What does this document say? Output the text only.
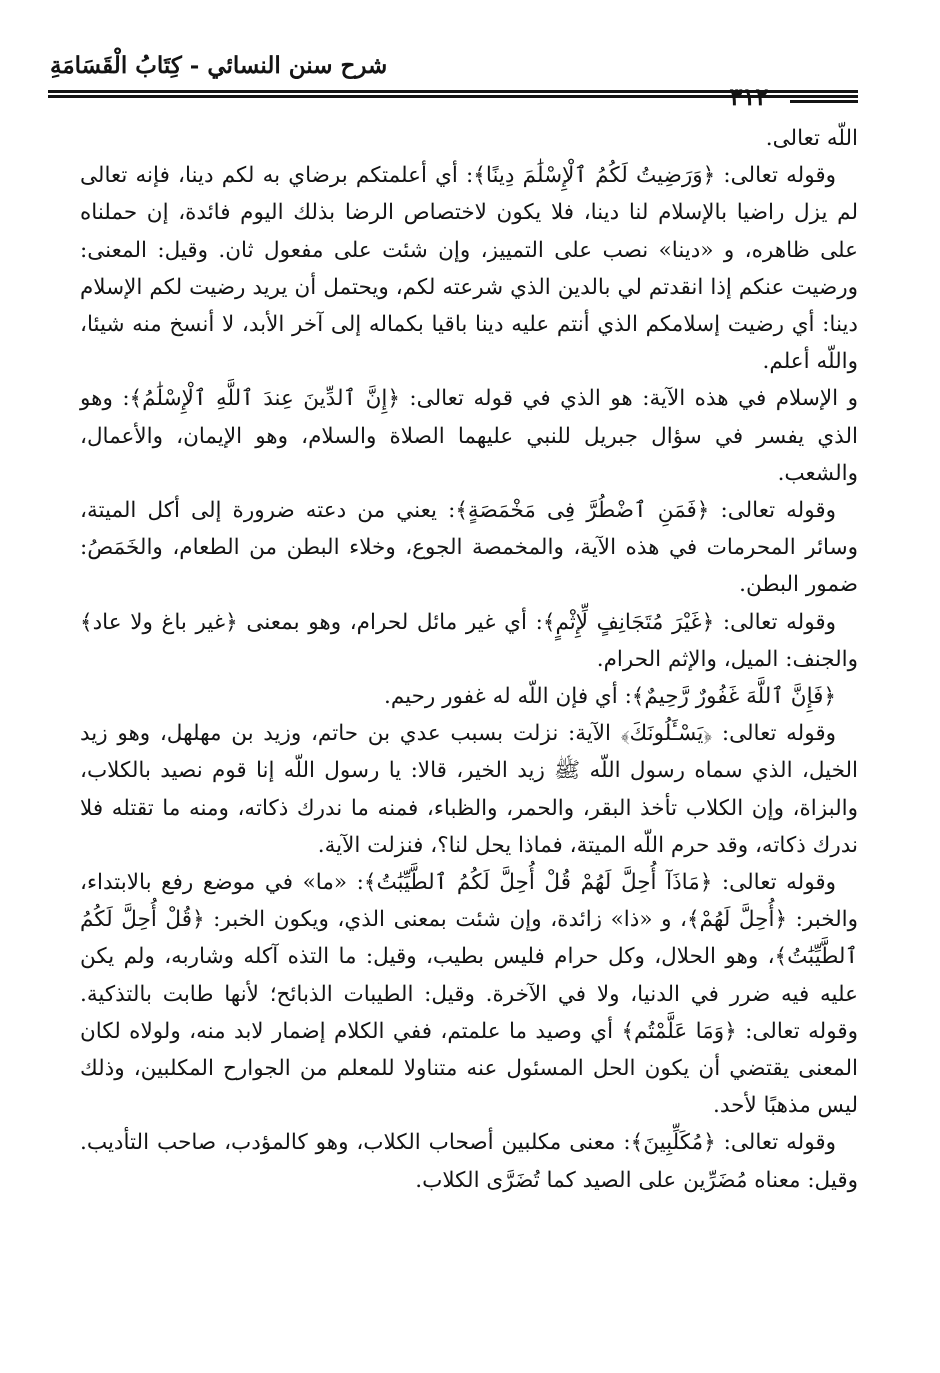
شرح سنن النسائي - كِتَابُ الْقَسَامَةِ
٣١٢

اللّه تعالى.

وقوله تعالى: ﴿وَرَضِيتُ لَكُمُ ٱلْإِسْلَٰمَ دِينًا﴾: أي أعلمتكم برضاي به لكم دينا، فإنه تعالى لم يزل راضيا بالإسلام لنا دينا، فلا يكون لاختصاص الرضا بذلك اليوم فائدة، إن حملناه على ظاهره، و «دينا» نصب على التمييز، وإن شئت على مفعول ثان. وقيل: المعنى: ورضيت عنكم إذا انقدتم لي بالدين الذي شرعته لكم، ويحتمل أن يريد رضيت لكم الإسلام دينا: أي رضيت إسلامكم الذي أنتم عليه دينا باقيا بكماله إلى آخر الأبد، لا أنسخ منه شيئا، واللّه أعلم.

و الإسلام في هذه الآية: هو الذي في قوله تعالى: ﴿إِنَّ ٱلدِّينَ عِندَ ٱللَّهِ ٱلْإِسْلَٰمُ﴾: وهو الذي يفسر في سؤال جبريل للنبي عليهما الصلاة والسلام، وهو الإيمان، والأعمال، والشعب.

وقوله تعالى: ﴿فَمَنِ ٱضْطُرَّ فِى مَخْمَصَةٍ﴾: يعني من دعته ضرورة إلى أكل الميتة، وسائر المحرمات في هذه الآية، والمخمصة الجوع، وخلاء البطن من الطعام، والخَمَصُ: ضمور البطن.

وقوله تعالى: ﴿غَيْرَ مُتَجَانِفٍ لِّإِثْمٍ﴾: أي غير مائل لحرام، وهو بمعنى ﴿غير باغ ولا عاد﴾ والجنف: الميل، والإثم الحرام.

﴿فَإِنَّ ٱللَّهَ غَفُورٌ رَّحِيمٌ﴾: أي فإن اللّه له غفور رحيم.

وقوله تعالى: ﴿يَسْـَٔلُونَكَ﴾ الآية: نزلت بسبب عدي بن حاتم، وزيد بن مهلهل، وهو زيد الخيل، الذي سماه رسول اللّه ﷺ زيد الخير، قالا: يا رسول اللّه إنا قوم نصيد بالكلاب، والبزاة، وإن الكلاب تأخذ البقر، والحمر، والظباء، فمنه ما ندرك ذكاته، ومنه ما تقتله فلا ندرك ذكاته، وقد حرم اللّه الميتة، فماذا يحل لنا؟، فنزلت الآية.

وقوله تعالى: ﴿مَاذَآ أُحِلَّ لَهُمْ قُلْ أُحِلَّ لَكُمُ ٱلطَّيِّبَٰتُ﴾: «ما» في موضع رفع بالابتداء، والخبر: ﴿أُحِلَّ لَهُمْ﴾، و «ذا» زائدة، وإن شئت بمعنى الذي، ويكون الخبر: ﴿قُلْ أُحِلَّ لَكُمُ ٱلطَّيِّبَٰتُ﴾، وهو الحلال، وكل حرام فليس بطيب، وقيل: ما التذه آكله وشاربه، ولم يكن عليه فيه ضرر في الدنيا، ولا في الآخرة. وقيل: الطيبات الذبائح؛ لأنها طابت بالتذكية. وقوله تعالى: ﴿وَمَا عَلَّمْتُم﴾ أي وصيد ما علمتم، ففي الكلام إضمار لابد منه، ولولاه لكان المعنى يقتضي أن يكون الحل المسئول عنه متناولا للمعلم من الجوارح المكلبين، وذلك ليس مذهبًا لأحد.

وقوله تعالى: ﴿مُكَلِّبِينَ﴾: معنى مكلبين أصحاب الكلاب، وهو كالمؤدب، صاحب التأديب. وقيل: معناه مُضَرِّين على الصيد كما تُضَرَّى الكلاب.
